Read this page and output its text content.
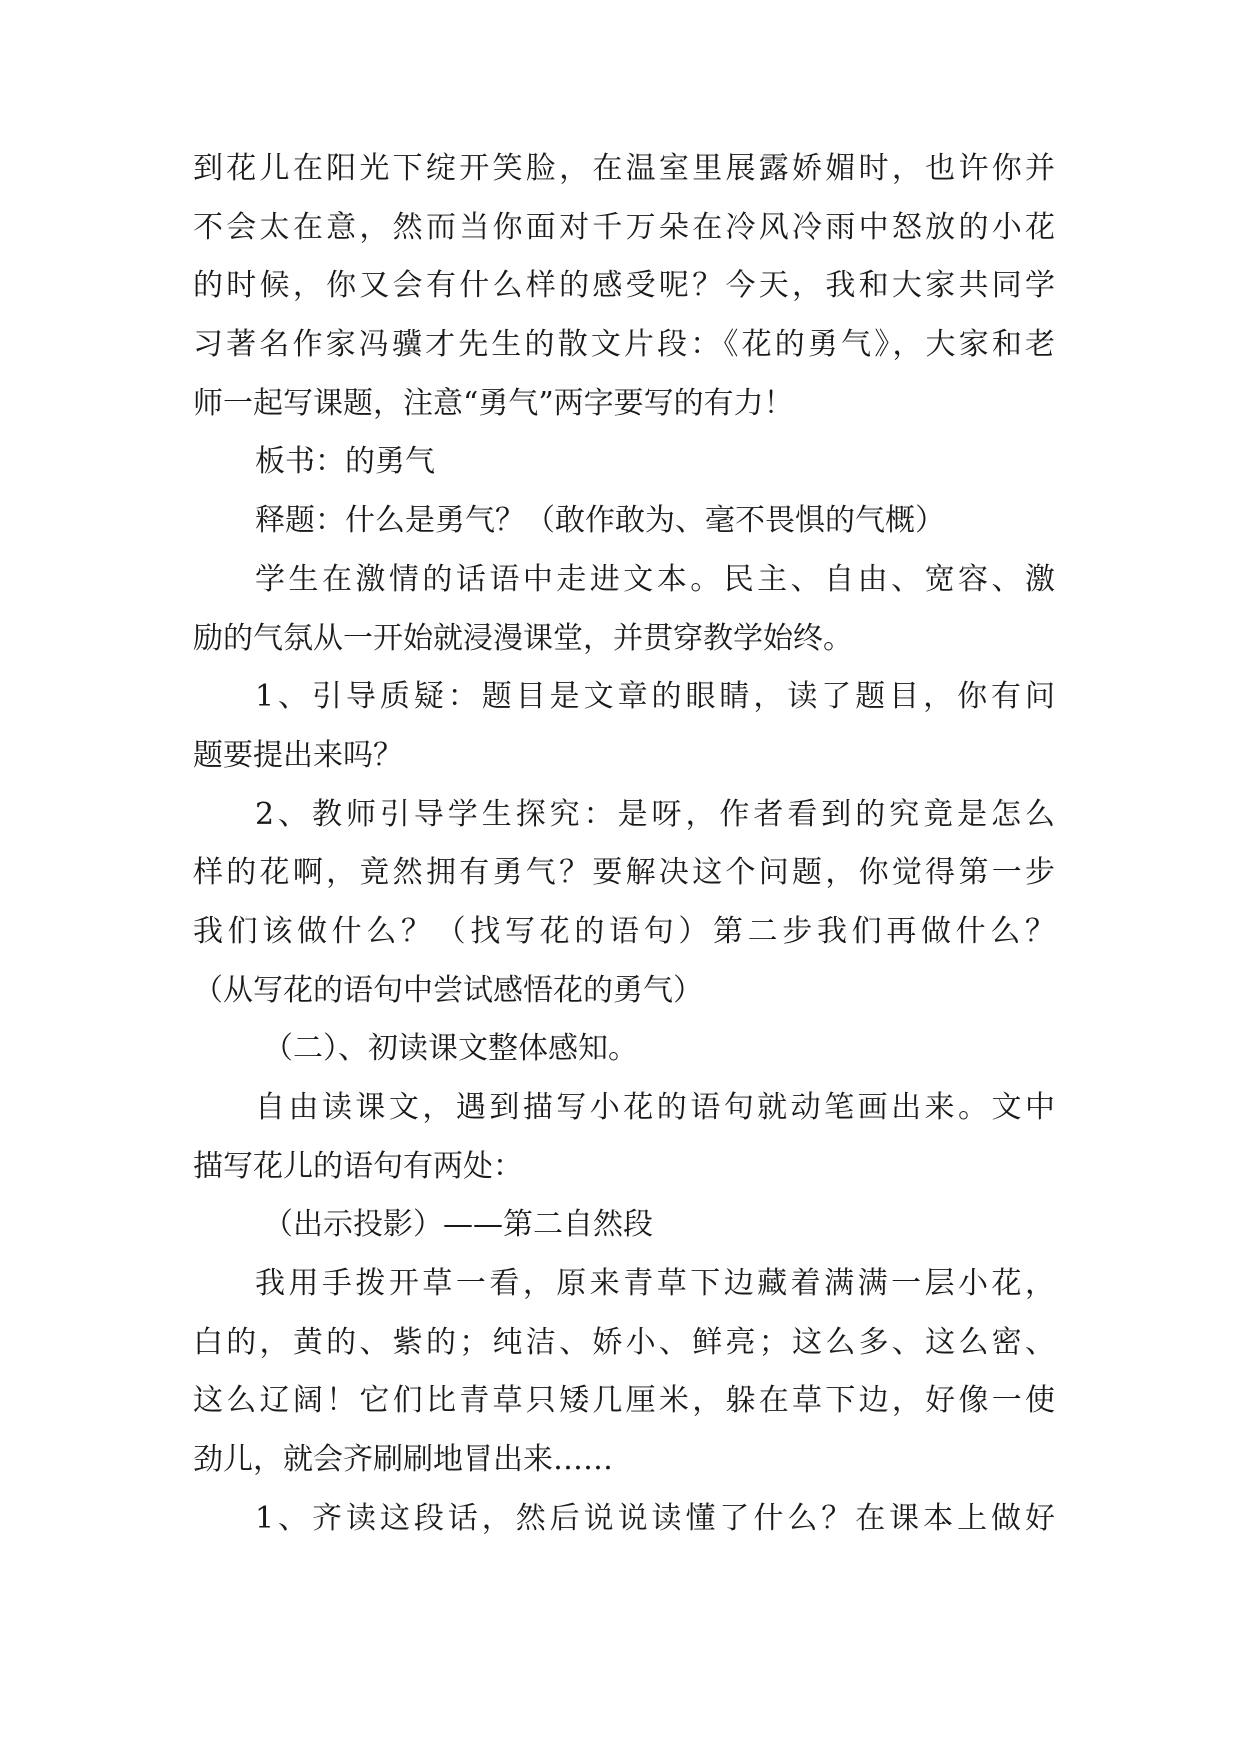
到花儿在阳光下绽开笑脸，在温室里展露娇媚时，也许你并
不会太在意，然而当你面对千万朵在冷风冷雨中怒放的小花
的时候，你又会有什么样的感受呢？今天，我和大家共同学
习著名作家冯骥才先生的散文片段：《花的勇气》，大家和老
师一起写课题，注意“勇气”两字要写的有力！
板书：的勇气
释题：什么是勇气？（敢作敢为、毫不畏惧的气概）
学生在激情的话语中走进文本。民主、自由、宽容、激
励的气氛从一开始就浸漫课堂，并贯穿教学始终。
1、引导质疑：题目是文章的眼睛，读了题目，你有问
题要提出来吗？
2、教师引导学生探究：是呀，作者看到的究竟是怎么
样的花啊，竟然拥有勇气？要解决这个问题，你觉得第一步
我们该做什么？（找写花的语句）第二步我们再做什么？
（从写花的语句中尝试感悟花的勇气）
（二）、初读课文整体感知。
自由读课文，遇到描写小花的语句就动笔画出来。文中
描写花儿的语句有两处：
（出示投影）——第二自然段
我用手拨开草一看，原来青草下边藏着满满一层小花，
白的，黄的、紫的；纯洁、娇小、鲜亮；这么多、这么密、
这么辽阔！它们比青草只矮几厘米，躲在草下边，好像一使
劲儿，就会齐刷刷地冒出来……
1、齐读这段话，然后说说读懂了什么？在课本上做好
